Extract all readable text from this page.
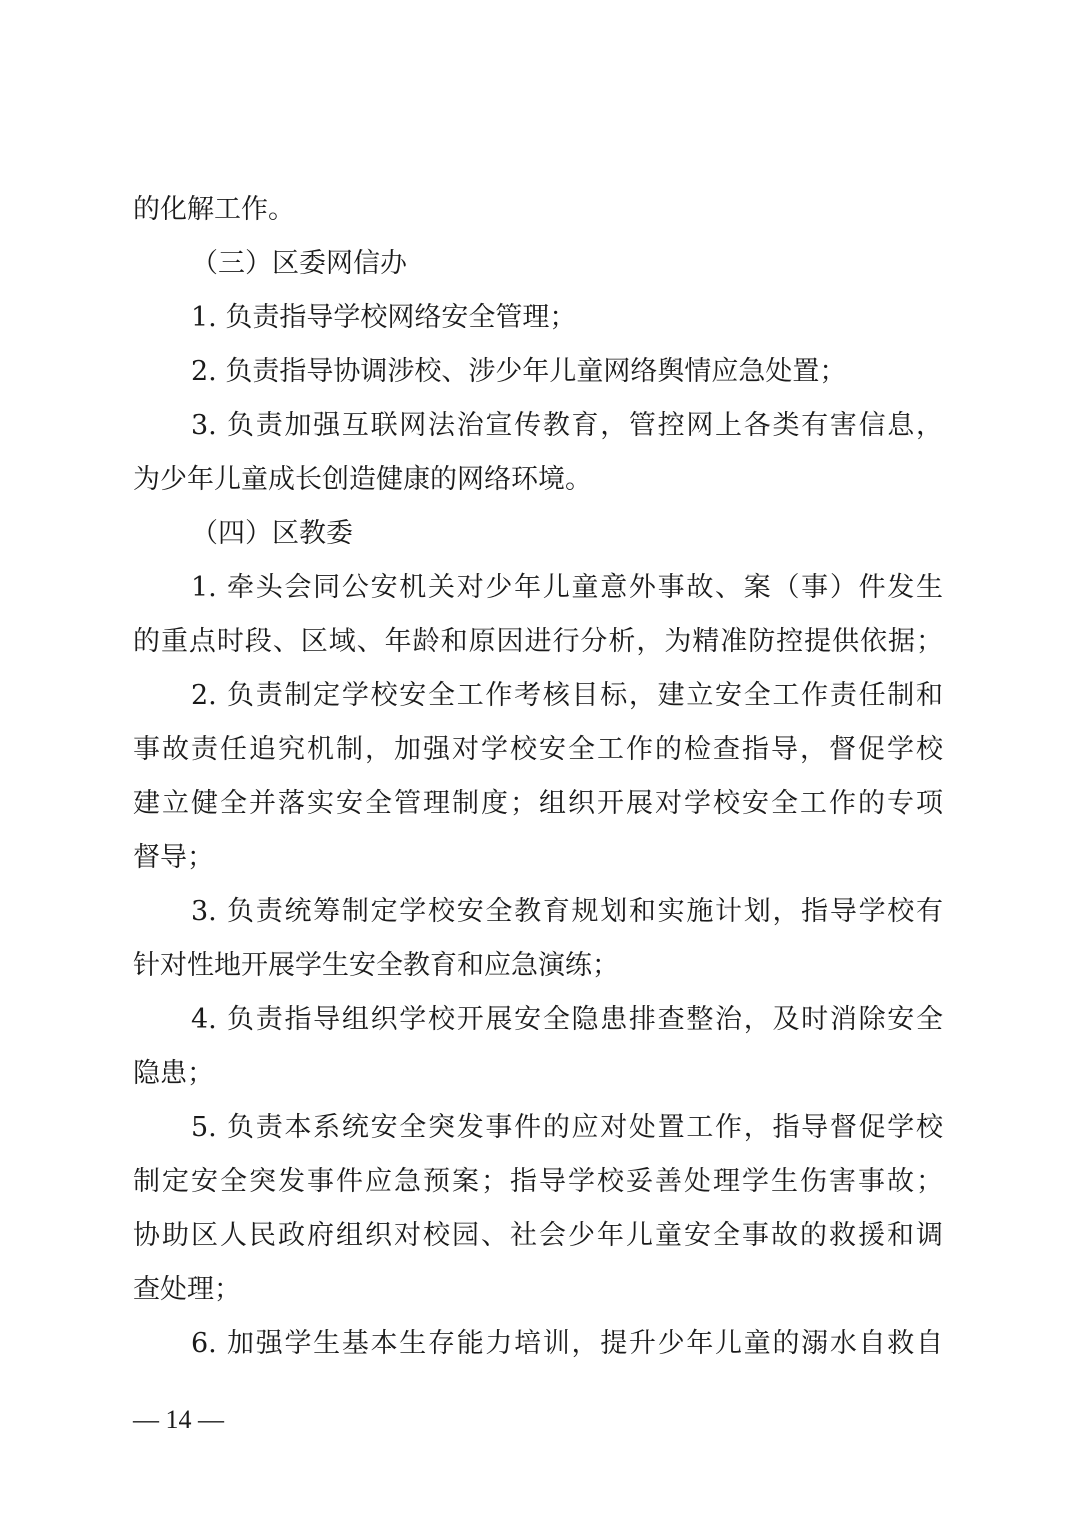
的化解工作。
（三）区委网信办
1. 负责指导学校网络安全管理；
2. 负责指导协调涉校、涉少年儿童网络舆情应急处置；
3. 负责加强互联网法治宣传教育，管控网上各类有害信息，
为少年儿童成长创造健康的网络环境。
（四）区教委
1. 牵头会同公安机关对少年儿童意外事故、案（事）件发生
的重点时段、区域、年龄和原因进行分析，为精准防控提供依据；
2. 负责制定学校安全工作考核目标，建立安全工作责任制和
事故责任追究机制，加强对学校安全工作的检查指导，督促学校
建立健全并落实安全管理制度；组织开展对学校安全工作的专项
督导；
3. 负责统筹制定学校安全教育规划和实施计划，指导学校有
针对性地开展学生安全教育和应急演练；
4. 负责指导组织学校开展安全隐患排查整治，及时消除安全
隐患；
5. 负责本系统安全突发事件的应对处置工作，指导督促学校
制定安全突发事件应急预案；指导学校妥善处理学生伤害事故；
协助区人民政府组织对校园、社会少年儿童安全事故的救援和调
查处理；
6. 加强学生基本生存能力培训，提升少年儿童的溺水自救自
— 14 —
